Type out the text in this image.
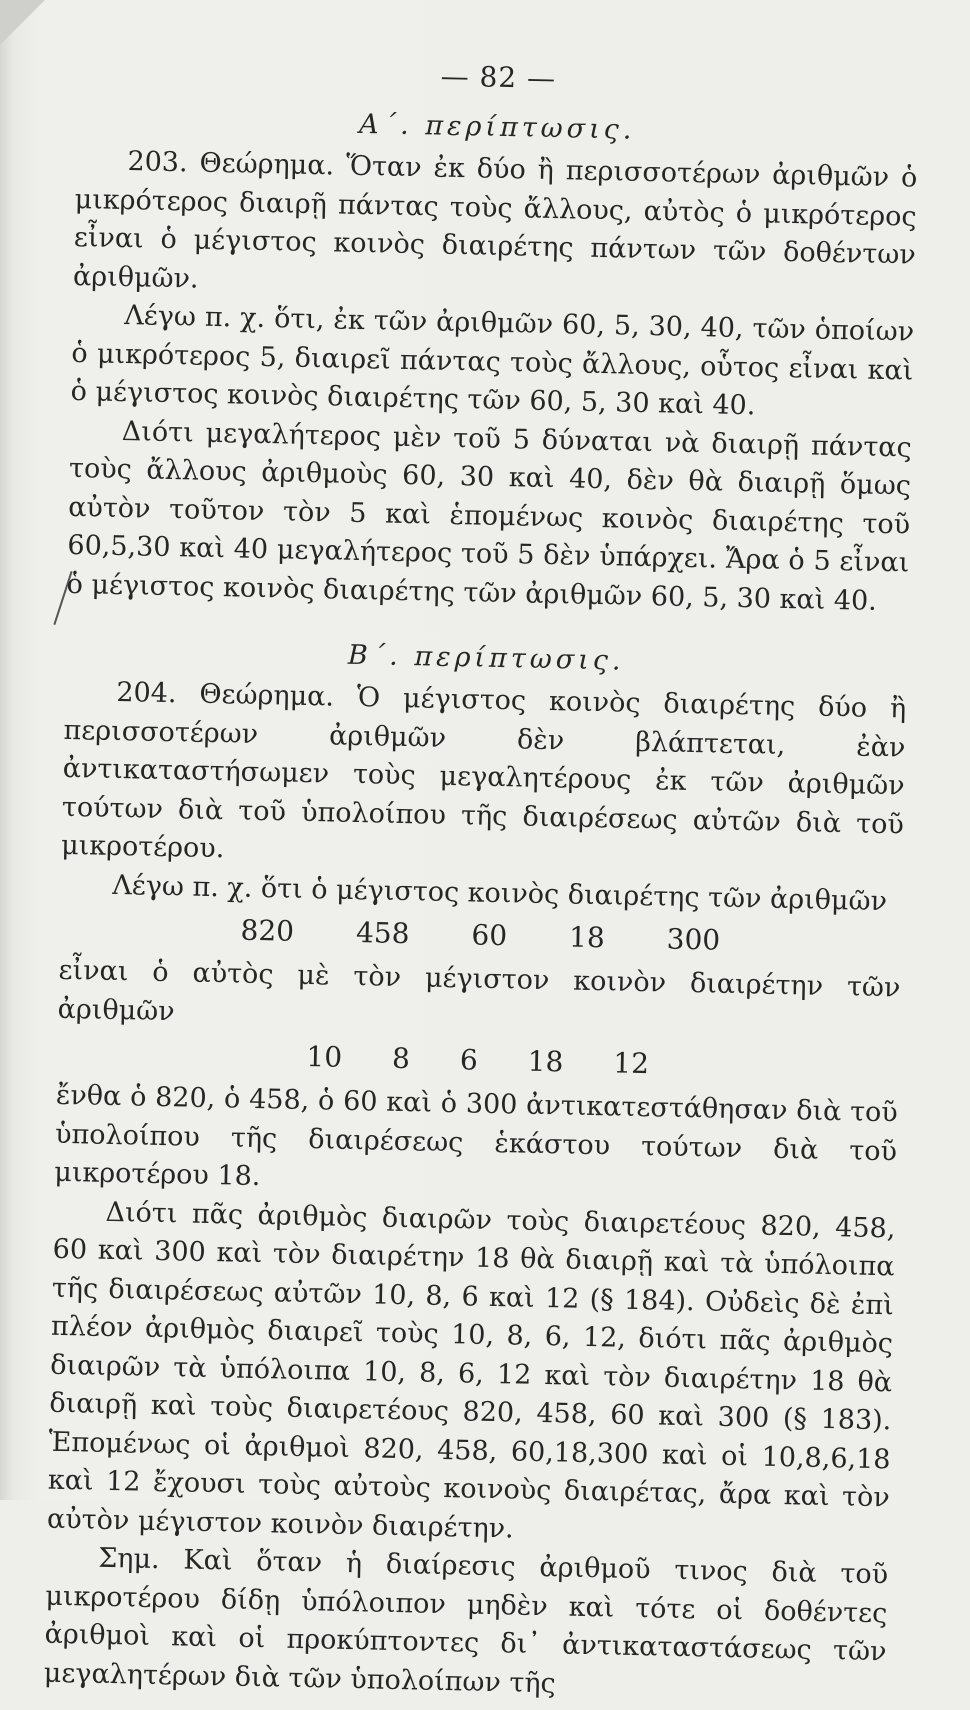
— 82 —
Α΄. περίπτωσις.

203. Θεώρημα. Ὅταν ἐκ δύο ἢ περισσοτέρων ἀριθμῶν ὁ μικρότερος διαιρῇ πάντας τοὺς ἄλλους, αὐτὸς ὁ μικρότερος εἶναι ὁ μέγιστος κοινὸς διαιρέτης πάντων τῶν δοθέντων ἀριθμῶν.

Λέγω π. χ. ὅτι, ἐκ τῶν ἀριθμῶν 60, 5, 30, 40, τῶν ὁποίων ὁ μικρότερος 5, διαιρεῖ πάντας τοὺς ἄλλους, οὗτος εἶναι καὶ ὁ μέγιστος κοινὸς διαιρέτης τῶν 60, 5, 30 καὶ 40.

Διότι μεγαλήτερος μὲν τοῦ 5 δύναται νὰ διαιρῇ πάντας τοὺς ἄλλους ἀριθμοὺς 60, 30 καὶ 40, δὲν θὰ διαιρῇ ὅμως αὐτὸν τοῦτον τὸν 5 καὶ ἑπομένως κοινὸς διαιρέτης τοῦ 60,5,30 καὶ 40 μεγαλήτερος τοῦ 5 δὲν ὑπάρχει. Ἄρα ὁ 5 εἶναι ὁ μέγιστος κοινὸς διαιρέτης τῶν ἀριθμῶν 60, 5, 30 καὶ 40.

Β΄. περίπτωσις.

204. Θεώρημα. Ὁ μέγιστος κοινὸς διαιρέτης δύο ἢ περισσοτέρων ἀριθμῶν δὲν βλάπτεται, ἐὰν ἀντικαταστήσωμεν τοὺς μεγαλητέρους ἐκ τῶν ἀριθμῶν τούτων διὰ τοῦ ὑπολοίπου τῆς διαιρέσεως αὐτῶν διὰ τοῦ μικροτέρου.

Λέγω π. χ. ὅτι ὁ μέγιστος κοινὸς διαιρέτης τῶν ἀριθμῶν

820 458 60 18 300

εἶναι ὁ αὐτὸς μὲ τὸν μέγιστον κοινὸν διαιρέτην τῶν ἀριθμῶν

10 8 6 18 12

ἔνθα ὁ 820, ὁ 458, ὁ 60 καὶ ὁ 300 ἀντικατεστάθησαν διὰ τοῦ ὑπολοίπου τῆς διαιρέσεως ἑκάστου τούτων διὰ τοῦ μικροτέρου 18.

Διότι πᾶς ἀριθμὸς διαιρῶν τοὺς διαιρετέους 820, 458, 60 καὶ 300 καὶ τὸν διαιρέτην 18 θὰ διαιρῇ καὶ τὰ ὑπόλοιπα τῆς διαιρέσεως αὐτῶν 10, 8, 6 καὶ 12 (§ 184). Οὐδεὶς δὲ ἐπὶ πλέον ἀριθμὸς διαιρεῖ τοὺς 10, 8, 6, 12, διότι πᾶς ἀριθμὸς διαιρῶν τὰ ὑπόλοιπα 10, 8, 6, 12 καὶ τὸν διαιρέτην 18 θὰ διαιρῇ καὶ τοὺς διαιρετέους 820, 458, 60 καὶ 300 (§ 183). Ἑπομένως οἱ ἀριθμοὶ 820, 458, 60,18,300 καὶ οἱ 10,8,6,18 καὶ 12 ἔχουσι τοὺς αὐτοὺς κοινοὺς διαιρέτας, ἄρα καὶ τὸν αὐτὸν μέγιστον κοινὸν διαιρέτην.

Σημ. Καὶ ὅταν ἡ διαίρεσις ἀριθμοῦ τινος διὰ τοῦ μικροτέρου δίδῃ ὑπόλοιπον μηδὲν καὶ τότε οἱ δοθέντες ἀριθμοὶ καὶ οἱ προκύπτοντες δι᾿ ἀντικαταστάσεως τῶν μεγαλητέρων διὰ τῶν ὑπολοίπων τῆς
